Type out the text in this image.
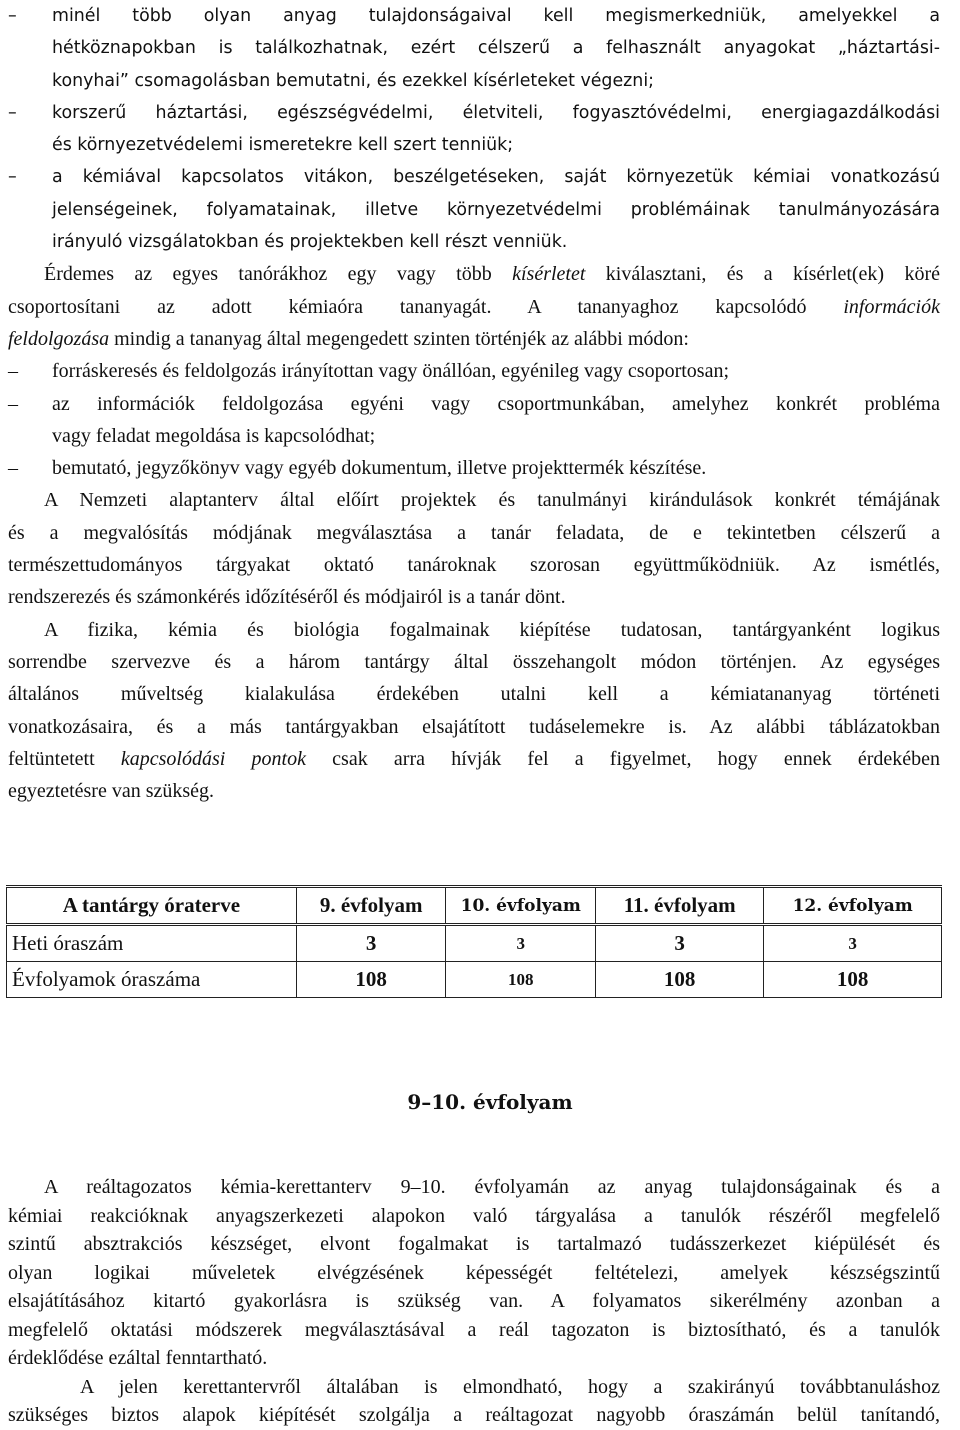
– minél több olyan anyag tulajdonságaival kell megismerkedniük, amelyekkel a
hétköznapokban is találkozhatnak, ezért célszerű a felhasznált anyagokat „háztartási-
konyhai” csomagolásban bemutatni, és ezekkel kísérleteket végezni;
– korszerű háztartási, egészségvédelmi, életviteli, fogyasztóvédelmi, energiagazdálkodási
és környezetvédelemi ismeretekre kell szert tenniük;
– a kémiával kapcsolatos vitákon, beszélgetéseken, saját környezetük kémiai vonatkozású
jelenségeinek, folyamatainak, illetve környezetvédelmi problémáinak tanulmányozására
irányuló vizsgálatokban és projektekben kell részt venniük.
Érdemes az egyes tanórákhoz egy vagy több kísérletet kiválasztani, és a kísérlet(ek) köré
csoportosítani az adott kémiaóra tananyagát. A tananyaghoz kapcsolódó információk
feldolgozása mindig a tananyag által megengedett szinten történjék az alábbi módon:
– forráskeresés és feldolgozás irányítottan vagy önállóan, egyénileg vagy csoportosan;
– az információk feldolgozása egyéni vagy csoportmunkában, amelyhez konkrét probléma
vagy feladat megoldása is kapcsolódhat;
– bemutató, jegyzőkönyv vagy egyéb dokumentum, illetve projekttermék készítése.
A Nemzeti alaptanterv által előírt projektek és tanulmányi kirándulások konkrét témájának
és a megvalósítás módjának megválasztása a tanár feladata, de e tekintetben célszerű a
természettudományos tárgyakat oktató tanároknak szorosan együttműködniük. Az ismétlés,
rendszerezés és számonkérés időzítéséről és módjairól is a tanár dönt.
A fizika, kémia és biológia fogalmainak kiépítése tudatosan, tantárgyanként logikus
sorrendbe szervezve és a három tantárgy által összehangolt módon történjen. Az egységes
általános műveltség kialakulása érdekében utalni kell a kémiatananyag történeti
vonatkozásaira, és a más tantárgyakban elsajátított tudáselemekre is. Az alábbi táblázatokban
feltüntetett kapcsolódási pontok csak arra hívják fel a figyelmet, hogy ennek érdekében
egyeztetésre van szükség.
A tantárgy óraterve	9. évfolyam	10. évfolyam	11. évfolyam	12. évfolyam
Heti óraszám	3	3	3	3
Évfolyamok óraszáma	108	108	108	108
9–10. évfolyam
A reáltagozatos kémia-kerettanterv 9–10. évfolyamán az anyag tulajdonságainak és a
kémiai reakcióknak anyagszerkezeti alapokon való tárgyalása a tanulók részéről megfelelő
szintű absztrakciós készséget, elvont fogalmakat is tartalmazó tudásszerkezet kiépülését és
olyan logikai műveletek elvégzésének képességét feltételezi, amelyek készségszintű
elsajátításához kitartó gyakorlásra is szükség van. A folyamatos sikerélmény azonban a
megfelelő oktatási módszerek megválasztásával a reál tagozaton is biztosítható, és a tanulók
érdeklődése ezáltal fenntartható.
A jelen kerettantervről általában is elmondható, hogy a szakirányú továbbtanuláshoz
szükséges biztos alapok kiépítését szolgálja a reáltagozat nagyobb óraszámán belül tanítandó,
